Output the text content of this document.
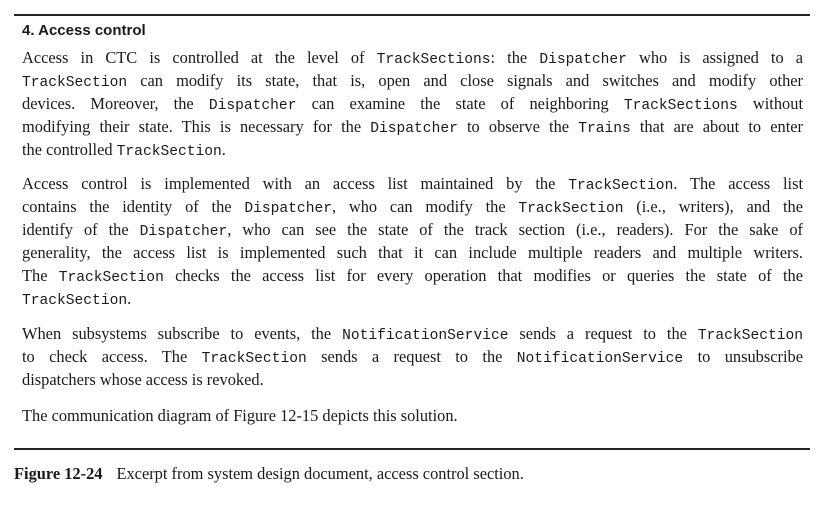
4. Access control
Access in CTC is controlled at the level of TrackSections: the Dispatcher who is assigned to a
TrackSection can modify its state, that is, open and close signals and switches and modify other
devices. Moreover, the Dispatcher can examine the state of neighboring TrackSections without
modifying their state. This is necessary for the Dispatcher to observe the Trains that are about to enter
the controlled TrackSection.
Access control is implemented with an access list maintained by the TrackSection. The access list
contains the identity of the Dispatcher, who can modify the TrackSection (i.e., writers), and the
identify of the Dispatcher, who can see the state of the track section (i.e., readers). For the sake of
generality, the access list is implemented such that it can include multiple readers and multiple writers.
The TrackSection checks the access list for every operation that modifies or queries the state of the
TrackSection.
When subsystems subscribe to events, the NotificationService sends a request to the TrackSection
to check access. The TrackSection sends a request to the NotificationService to unsubscribe
dispatchers whose access is revoked.
The communication diagram of Figure 12-15 depicts this solution.
Figure 12-24 Excerpt from system design document, access control section.
